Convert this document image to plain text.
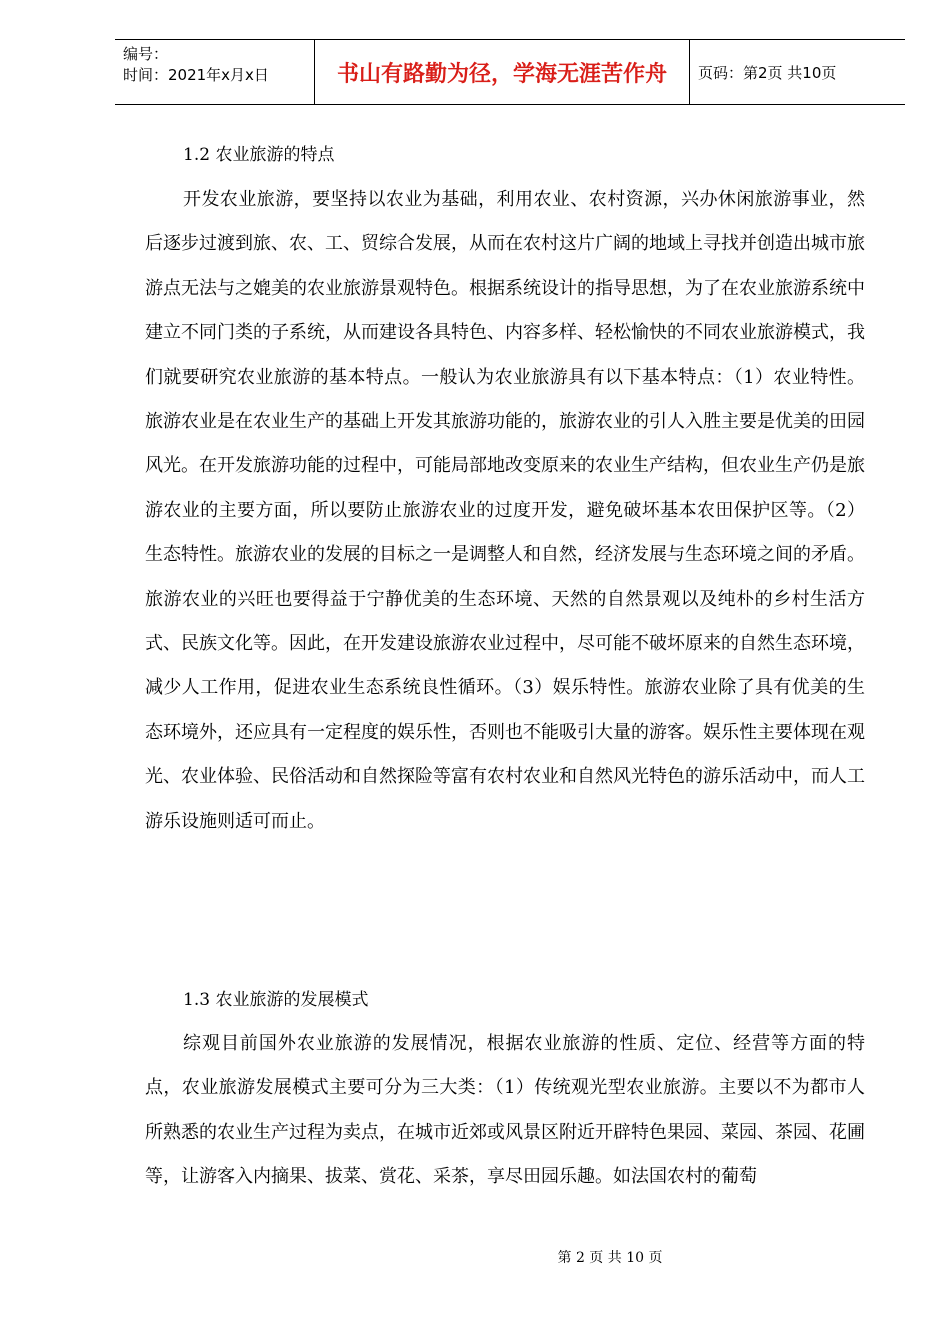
编号：
时间：2021年x月x日	书山有路勤为径，学海无涯苦作舟	页码：第2页 共10页
1.2 农业旅游的特点

开发农业旅游，要坚持以农业为基础，利用农业、农村资源，兴办休闲旅游事业，然后逐步过渡到旅、农、工、贸综合发展，从而在农村这片广阔的地域上寻找并创造出城市旅游点无法与之媲美的农业旅游景观特色。根据系统设计的指导思想，为了在农业旅游系统中建立不同门类的子系统，从而建设各具特色、内容多样、轻松愉快的不同农业旅游模式，我们就要研究农业旅游的基本特点。一般认为农业旅游具有以下基本特点：（1）农业特性。旅游农业是在农业生产的基础上开发其旅游功能的，旅游农业的引人入胜主要是优美的田园风光。在开发旅游功能的过程中，可能局部地改变原来的农业生产结构，但农业生产仍是旅游农业的主要方面，所以要防止旅游农业的过度开发，避免破坏基本农田保护区等。（2）生态特性。旅游农业的发展的目标之一是调整人和自然，经济发展与生态环境之间的矛盾。旅游农业的兴旺也要得益于宁静优美的生态环境、天然的自然景观以及纯朴的乡村生活方式、民族文化等。因此，在开发建设旅游农业过程中，尽可能不破坏原来的自然生态环境，减少人工作用，促进农业生态系统良性循环。（3）娱乐特性。旅游农业除了具有优美的生态环境外，还应具有一定程度的娱乐性，否则也不能吸引大量的游客。娱乐性主要体现在观光、农业体验、民俗活动和自然探险等富有农村农业和自然风光特色的游乐活动中，而人工游乐设施则适可而止。

1.3 农业旅游的发展模式

综观目前国外农业旅游的发展情况，根据农业旅游的性质、定位、经营等方面的特点，农业旅游发展模式主要可分为三大类：（1）传统观光型农业旅游。主要以不为都市人所熟悉的农业生产过程为卖点，在城市近郊或风景区附近开辟特色果园、菜园、茶园、花圃等，让游客入内摘果、拔菜、赏花、采茶，享尽田园乐趣。如法国农村的葡萄

第 2 页 共 10 页
